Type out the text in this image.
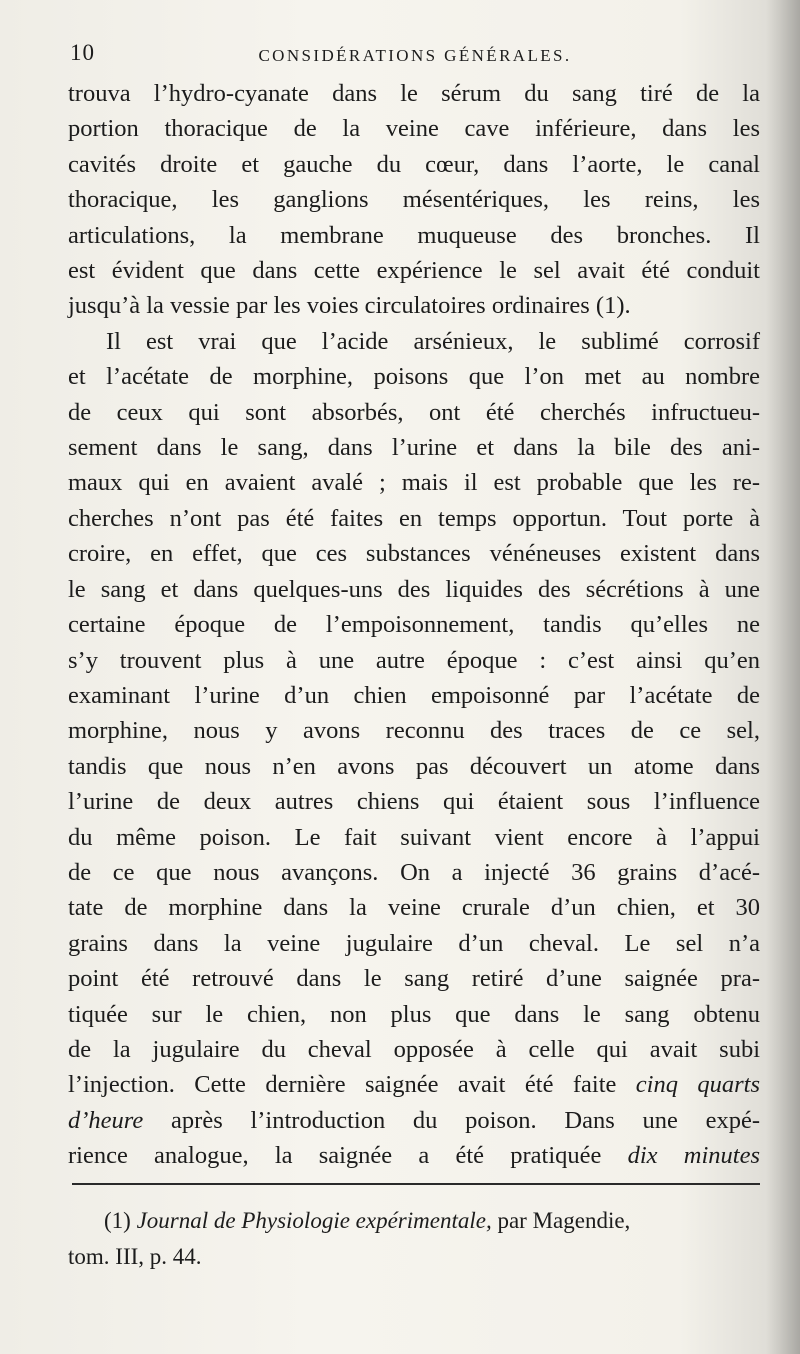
10	CONSIDÉRATIONS GÉNÉRALES.
trouva l’hydro-cyanate dans le sérum du sang tiré de la
portion thoracique de la veine cave inférieure, dans les
cavités droite et gauche du cœur, dans l’aorte, le canal
thoracique, les ganglions mésentériques, les reins, les
articulations, la membrane muqueuse des bronches. Il
est évident que dans cette expérience le sel avait été conduit
jusqu’à la vessie par les voies circulatoires ordinaires (1).
Il est vrai que l’acide arsénieux, le sublimé corrosif
et l’acétate de morphine, poisons que l’on met au nombre
de ceux qui sont absorbés, ont été cherchés infructueu-
sement dans le sang, dans l’urine et dans la bile des ani-
maux qui en avaient avalé ; mais il est probable que les re-
cherches n’ont pas été faites en temps opportun. Tout porte à
croire, en effet, que ces substances vénéneuses existent dans
le sang et dans quelques-uns des liquides des sécrétions à une
certaine époque de l’empoisonnement, tandis qu’elles ne
s’y trouvent plus à une autre époque : c’est ainsi qu’en
examinant l’urine d’un chien empoisonné par l’acétate de
morphine, nous y avons reconnu des traces de ce sel,
tandis que nous n’en avons pas découvert un atome dans
l’urine de deux autres chiens qui étaient sous l’influence
du même poison. Le fait suivant vient encore à l’appui
de ce que nous avançons. On a injecté 36 grains d’acé-
tate de morphine dans la veine crurale d’un chien, et 30
grains dans la veine jugulaire d’un cheval. Le sel n’a
point été retrouvé dans le sang retiré d’une saignée pra-
tiquée sur le chien, non plus que dans le sang obtenu
de la jugulaire du cheval opposée à celle qui avait subi
l’injection. Cette dernière saignée avait été faite cinq quarts
d’heure après l’introduction du poison. Dans une expé-
rience analogue, la saignée a été pratiquée dix minutes
(1) Journal de Physiologie expérimentale, par Magendie,
tom. III, p. 44.
